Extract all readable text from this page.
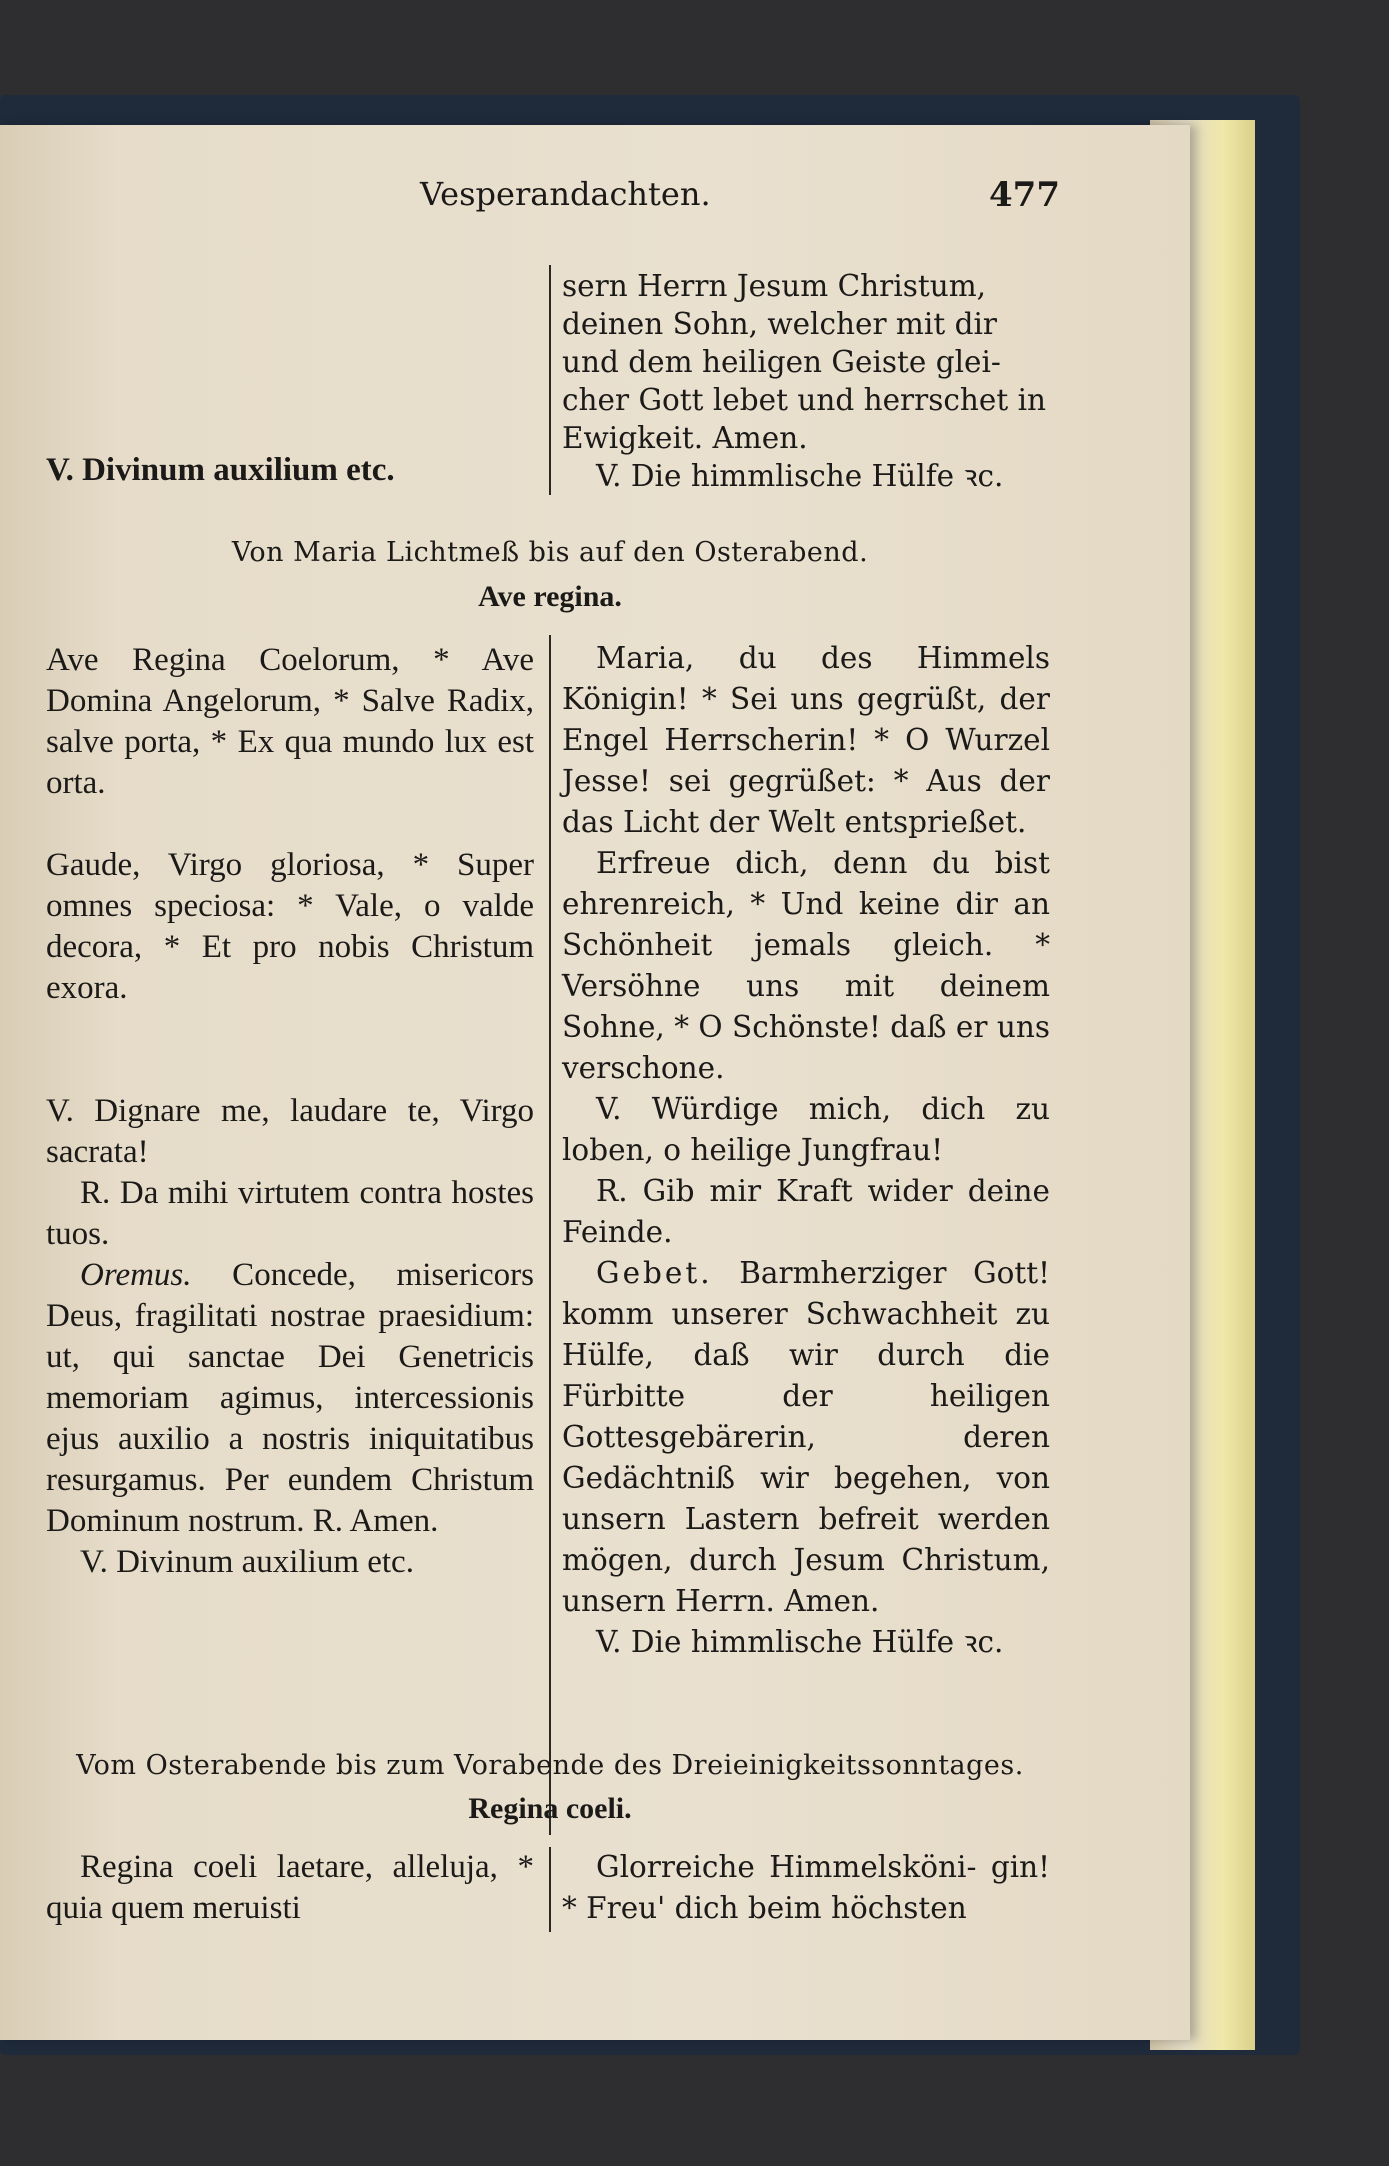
Vesperandachten.	477

V. Divinum auxilium etc.

sern Herrn Jesum Christum,

deinen Sohn, welcher mit dir

und dem heiligen Geiste glei-

cher Gott lebet und herrschet in

Ewigkeit. Amen.

V. Die himmlische Hülfe ꝛc.

Von Maria Lichtmeß bis auf den Osterabend.
Ave regina.

Ave Regina Coelorum, * Ave Domina Angelorum, * Salve Radix, salve porta, * Ex qua mundo lux est orta.

Gaude, Virgo gloriosa, * Super omnes speciosa: * Vale, o valde decora, * Et pro nobis Christum exora.

V. Dignare me, laudare te, Virgo sacrata!

R. Da mihi virtutem contra hostes tuos.

Oremus. Concede, misericors Deus, fragilitati nostrae praesidium: ut, qui sanctae Dei Genetricis memoriam agimus, intercessionis ejus auxilio a nostris iniquitatibus resurgamus. Per eundem Christum Dominum nostrum. R. Amen.

V. Divinum auxilium etc.

Maria, du des Himmels Königin! * Sei uns gegrüßt, der Engel Herrscherin! * O Wurzel Jesse! sei gegrüßet: * Aus der das Licht der Welt entsprießet.

Erfreue dich, denn du bist ehrenreich, * Und keine dir an Schönheit jemals gleich. * Versöhne uns mit deinem Sohne, * O Schönste! daß er uns verschone.

V. Würdige mich, dich zu loben, o heilige Jungfrau!

R. Gib mir Kraft wider deine Feinde.

Gebet. Barmherziger Gott! komm unserer Schwachheit zu Hülfe, daß wir durch die Fürbitte der heiligen Gottesgebärerin, deren Gedächtniß wir begehen, von unsern Lastern befreit werden mögen, durch Jesum Christum, unsern Herrn. Amen.

V. Die himmlische Hülfe ꝛc.

Vom Osterabende bis zum Vorabende des Dreieinigkeitssonntages.
Regina coeli.

Regina coeli laetare, alleluja, * quia quem meruisti

Glorreiche Himmelsköni- gin! * Freu' dich beim höchsten
